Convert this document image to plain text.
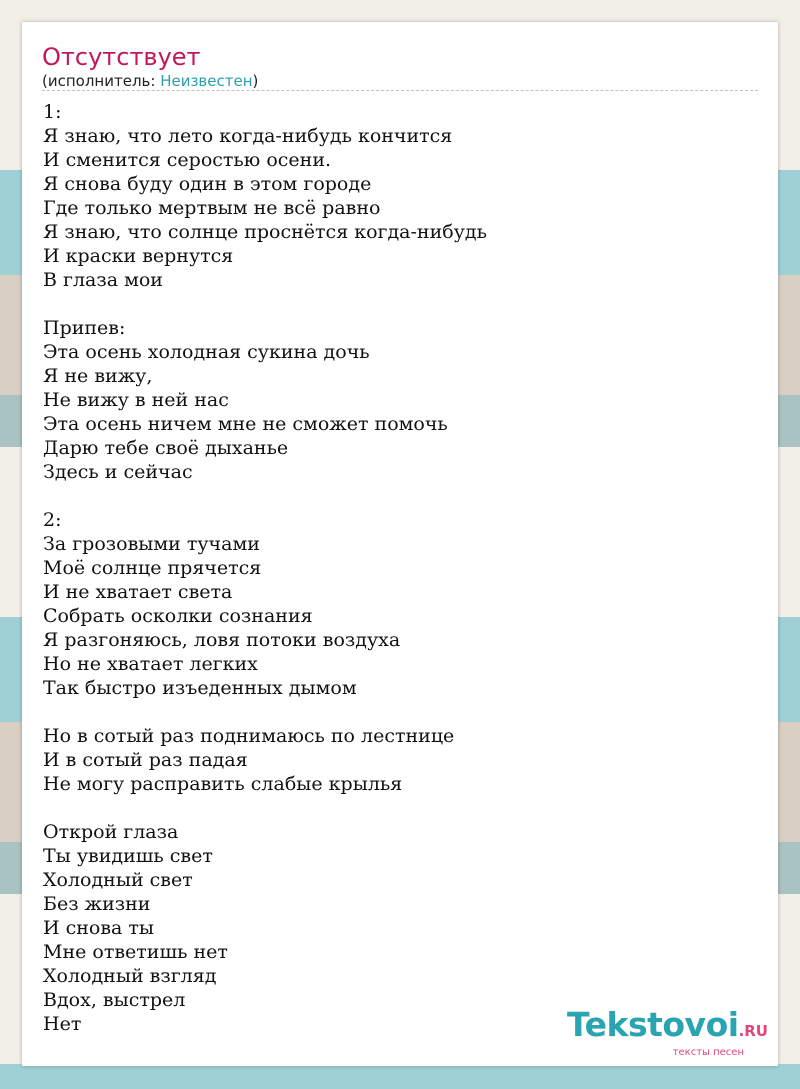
Отсутствует
(исполнитель: Неизвестен)
1:
Я знаю, что лето когда-нибудь кончится
И сменится серостью осени.
Я снова буду один в этом городе
Где только мертвым не всё равно
Я знаю, что солнце проснётся когда-нибудь
И краски вернутся
В глаза мои
Припев:
Эта осень холодная сукина дочь
Я не вижу,
Не вижу в ней нас
Эта осень ничем мне не сможет помочь
Дарю тебе своё дыханье
Здесь и сейчас
2:
За грозовыми тучами
Моё солнце прячется
И не хватает света
Собрать осколки сознания
Я разгоняюсь, ловя потоки воздуха
Но не хватает легких
Так быстро изъеденных дымом
Но в сотый раз поднимаюсь по лестнице
И в сотый раз падая
Не могу расправить слабые крылья
Открой глаза
Ты увидишь свет
Холодный свет
Без жизни
И снова ты
Мне ответишь нет
Холодный взгляд
Вдох, выстрел
Нет	Tekstovoi.RU
тексты песен
